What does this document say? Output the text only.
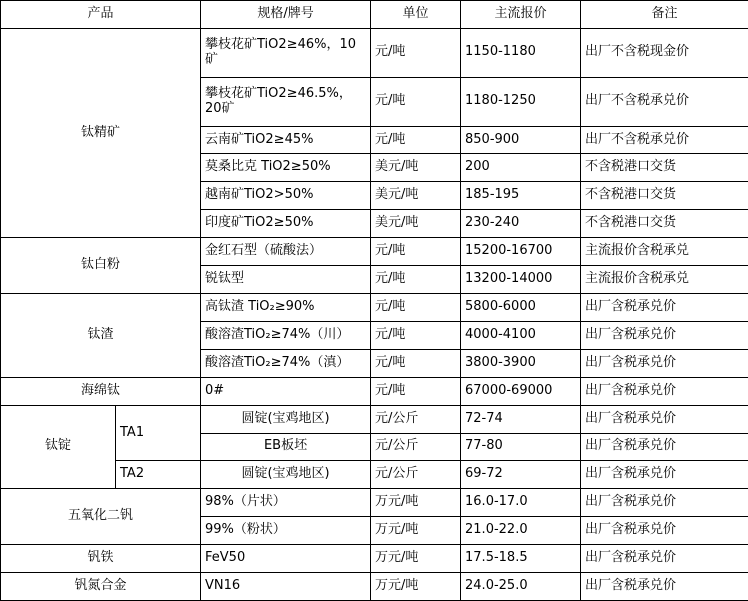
产品		规格/牌号	单位	主流报价	备注
钛精矿		攀枝花矿TiO2≥46%，10矿	元/吨	1150-1180	出厂不含税现金价
		攀枝花矿TiO2≥46.5%，20矿	元/吨	1180-1250	出厂不含税承兑价
		云南矿TiO2≥45%	元/吨	850-900	出厂不含税承兑价
		莫桑比克 TiO2≥50%	美元/吨	200	不含税港口交货
		越南矿TiO2>50%	美元/吨	185-195	不含税港口交货
		印度矿TiO2≥50%	美元/吨	230-240	不含税港口交货
钛白粉		金红石型（硫酸法）	元/吨	15200-16700	主流报价含税承兑
		锐钛型	元/吨	13200-14000	主流报价含税承兑
钛渣		高钛渣 TiO₂≥90%	元/吨	5800-6000	出厂含税承兑价
		酸溶渣TiO₂≥74%（川）	元/吨	4000-4100	出厂含税承兑价
		酸溶渣TiO₂≥74%（滇）	元/吨	3800-3900	出厂含税承兑价
海绵钛		0#	元/吨	67000-69000	出厂含税承兑价
钛锭	TA1	圆锭(宝鸡地区)	元/公斤	72-74	出厂含税承兑价
		EB板坯	元/公斤	77-80	出厂含税承兑价
	TA2	圆锭(宝鸡地区)	元/公斤	69-72	出厂含税承兑价
五氧化二钒		98%（片状）	万元/吨	16.0-17.0	出厂含税承兑价
		99%（粉状）	万元/吨	21.0-22.0	出厂含税承兑价
钒铁		FeV50	万元/吨	17.5-18.5	出厂含税承兑价
钒氮合金		VN16	万元/吨	24.0-25.0	出厂含税承兑价
